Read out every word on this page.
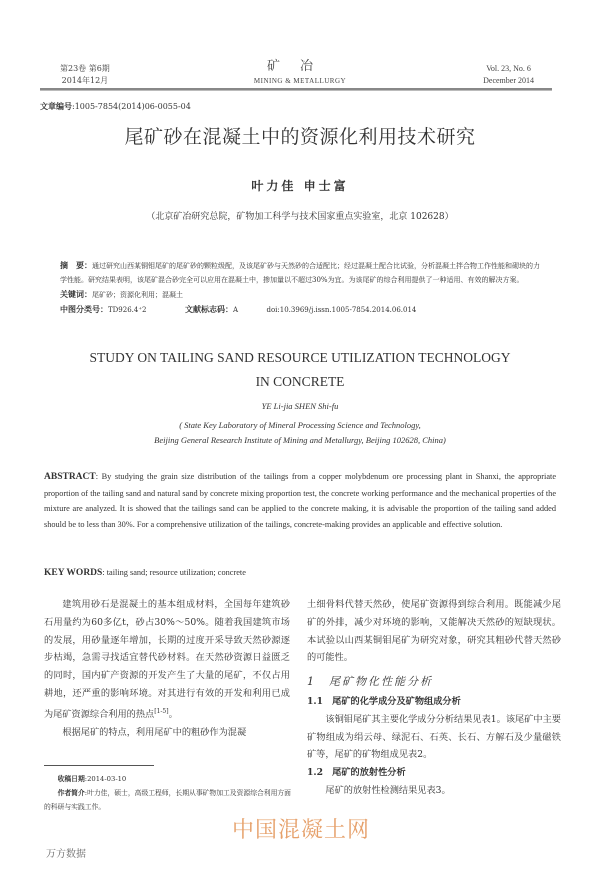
第23卷 第6期
2014年12月
矿冶
MINING & METALLURGY
Vol. 23, No. 6
December 2014
文章编号:1005-7854(2014)06-0055-04
尾矿砂在混凝土中的资源化利用技术研究
叶力佳 申士富
（北京矿冶研究总院，矿物加工科学与技术国家重点实验室，北京 102628）
摘　要：通过研究山西某铜钼尾矿的尾矿砂的颗粒级配，及该尾矿砂与天然砂的合适配比；经过混凝土配合比试验，分析混凝土拌合物工作性能和砌块的力学性能。研究结果表明，该尾矿混合砂完全可以应用在混凝土中，掺加量以不超过30%为宜。为该尾矿的综合利用提供了一种适用、有效的解决方案。
关键词：尾矿砂；资源化利用；混凝土
中图分类号：TD926.4⁺2	文献标志码：A	doi:10.3969/j.issn.1005-7854.2014.06.014
STUDY ON TAILING SAND RESOURCE UTILIZATION TECHNOLOGY
IN CONCRETE
YE Li-jia SHEN Shi-fu
( State Key Laboratory of Mineral Processing Science and Technology,
Beijing General Research Institute of Mining and Metallurgy, Beijing 102628, China)
ABSTRACT: By studying the grain size distribution of the tailings from a copper molybdenum ore processing plant in Shanxi, the appropriate proportion of the tailing sand and natural sand by concrete mixing proportion test, the concrete working performance and the mechanical properties of the mixture are analyzed. It is showed that the tailings sand can be applied to the concrete making, it is advisable the proportion of the tailing sand added should be to less than 30%. For a comprehensive utilization of the tailings, concrete-making provides an applicable and effective solution.
KEY WORDS: tailing sand; resource utilization; concrete

建筑用砂石是混凝土的基本组成材料，全国每年建筑砂石用量约为60多亿t，砂占30%～50%。随着我国建筑市场的发展，用砂量逐年增加，长期的过度开采导致天然砂源逐步枯竭，急需寻找适宜替代砂材料。在天然砂资源日益匮乏的同时，国内矿产资源的开发产生了大量的尾矿，不仅占用耕地，还严重的影响环境。对其进行有效的开发和利用已成为尾矿资源综合利用的热点[1-5]。

根据尾矿的特点，利用尾矿中的粗砂作为混凝

土细骨料代替天然砂，使尾矿资源得到综合利用。既能减少尾矿的外排，减少对环境的影响，又能解决天然砂的短缺现状。本试验以山西某铜钼尾矿为研究对象，研究其粗砂代替天然砂的可能性。

1　尾矿物化性能分析

1.1　尾矿的化学成分及矿物组成分析

该铜钼尾矿其主要化学成分分析结果见表1。该尾矿中主要矿物组成为绢云母、绿泥石、石英、长石、方解石及少量磁铁矿等，尾矿的矿物组成见表2。

1.2　尾矿的放射性分析

尾矿的放射性检测结果见表3。

收稿日期:2014-03-10
作者简介:叶力佳，硕士，高级工程师，长期从事矿物加工及资源综合利用方面的科研与实践工作。
中国混凝土网
万方数据
